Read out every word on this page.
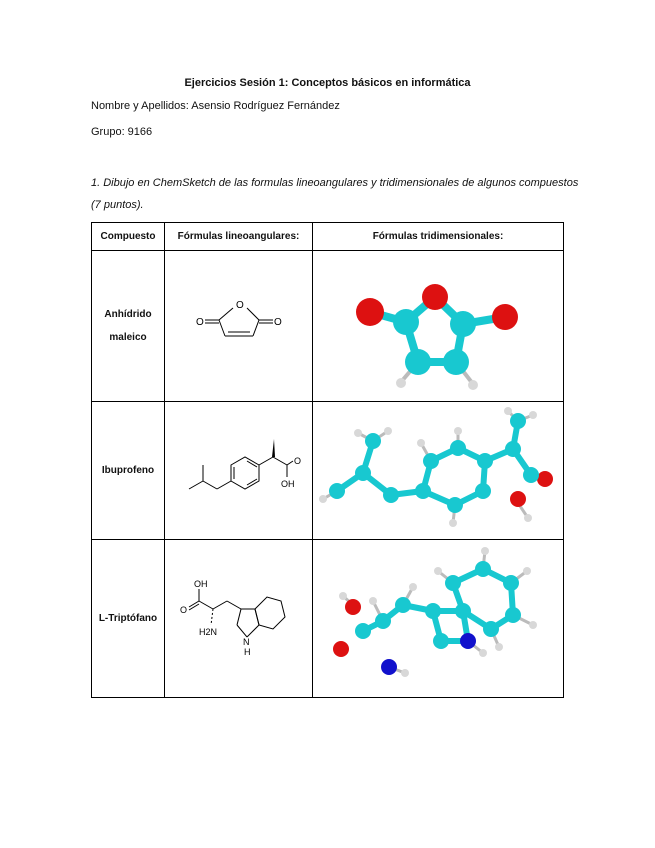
Ejercicios Sesión 1: Conceptos básicos en informática
Nombre y Apellidos: Asensio Rodríguez Fernández
Grupo: 9166
1. Dibujo en ChemSketch de las formulas lineoangulares y tridimensionales de algunos compuestos
(7 puntos).
Compuesto	Fórmulas lineoangulares:	Fórmulas tridimensionales:
Anhídrido
maleico	O
O O

Ibuprofeno	O
OH

L-Triptófano	OH
O
H2N
N
H
